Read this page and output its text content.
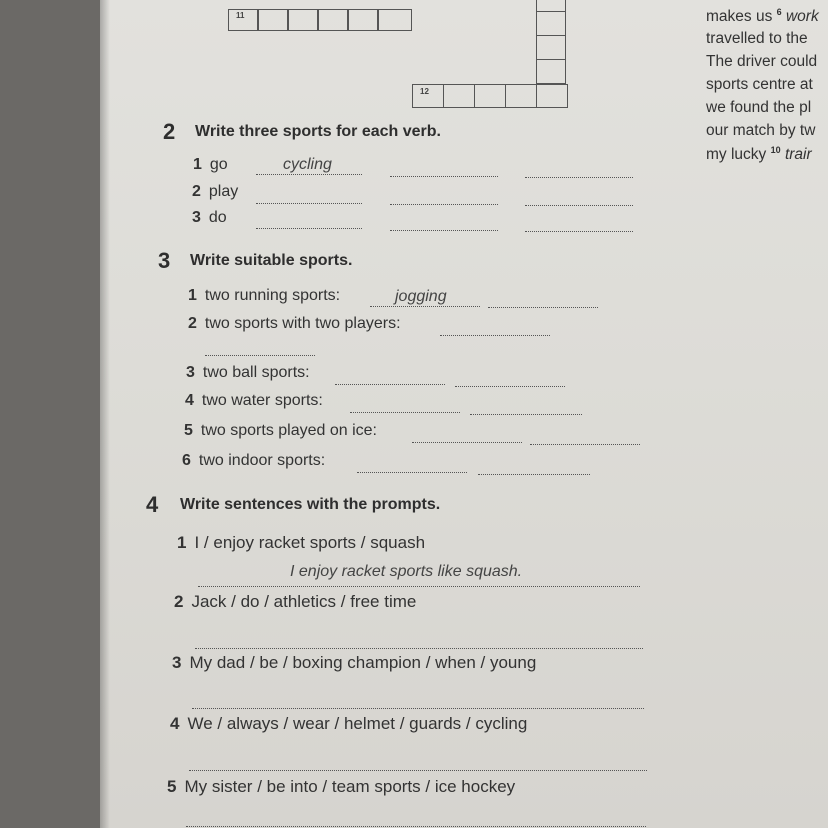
11
12
makes us $^6$ work
travelled to the
The driver could
sports centre at
we found the pl
our match by tw
my lucky $^{10}$ trair
2 Write three sports for each verb.
1 go	cycling
2 play
3 do
3 Write suitable sports.
1 two running sports:	jogging
2 two sports with two players:
3 two ball sports:
4 two water sports:
5 two sports played on ice:
6 two indoor sports:
4 Write sentences with the prompts.
1 I / enjoy racket sports / squash
I enjoy racket sports like squash.
2 Jack / do / athletics / free time
3 My dad / be / boxing champion / when / young
4 We / always / wear / helmet / guards / cycling
5 My sister / be into / team sports / ice hockey
